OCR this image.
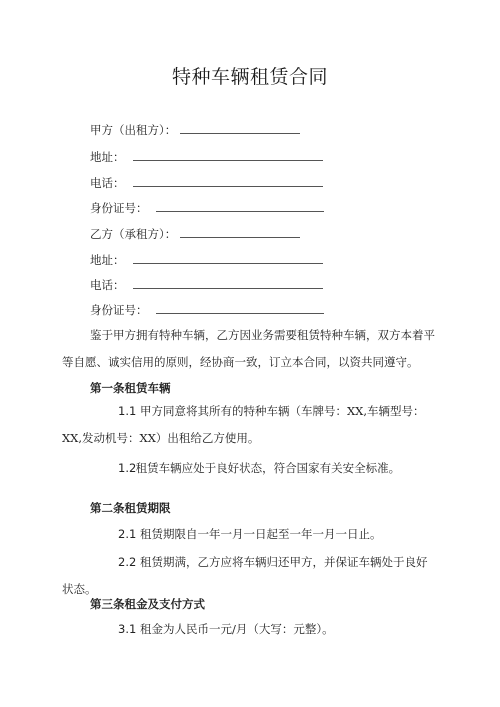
特种车辆租赁合同
甲方（出租方）：
地址：
电话：
身份证号：
乙方（承租方）：
地址：
电话：
身份证号：
鉴于甲方拥有特种车辆，乙方因业务需要租赁特种车辆，双方本着平等自愿、诚实信用的原则，经协商一致，订立本合同，以资共同遵守。
第一条租赁车辆
1.1 甲方同意将其所有的特种车辆（车牌号：XX,车辆型号：XX,发动机号：XX）出租给乙方使用。
1.2 租赁车辆应处于良好状态，符合国家有关安全标准。
第二条租赁期限
2.1 租赁期限自一年一月一日起至一年一月一日止。
2.2 租赁期满，乙方应将车辆归还甲方，并保证车辆处于良好状态。
第三条租金及支付方式
3.1 租金为人民币一元/月（大写：元整）。
